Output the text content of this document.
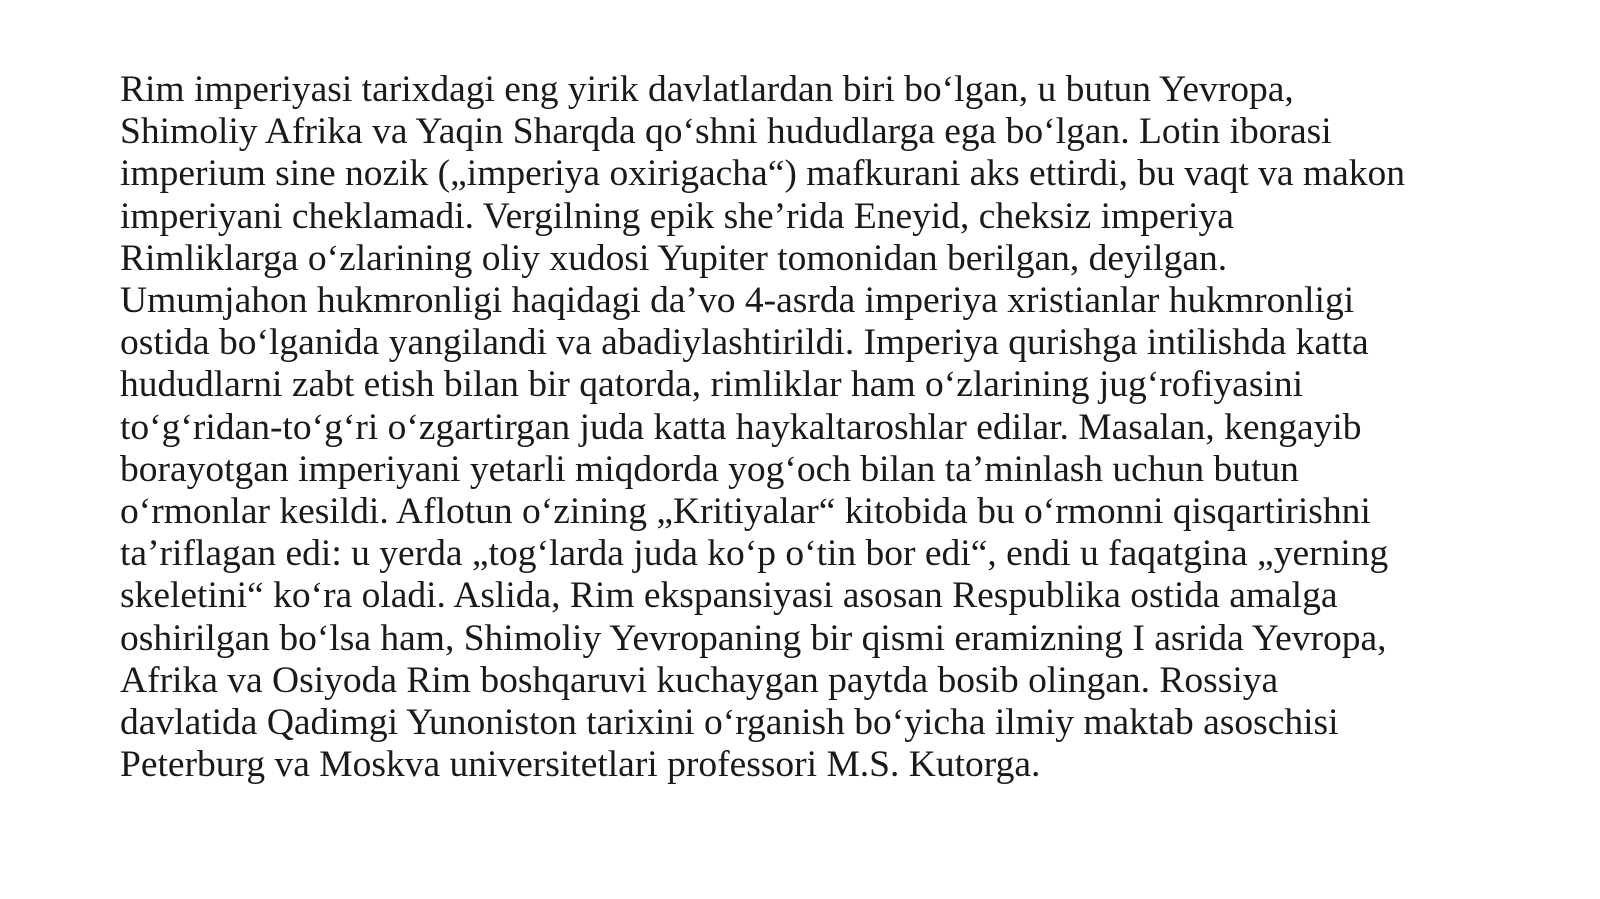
Rim imperiyasi tarixdagi eng yirik davlatlardan biri bo‘lgan, u butun Yevropa,
Shimoliy Afrika va Yaqin Sharqda qo‘shni hududlarga ega bo‘lgan. Lotin iborasi
imperium sine nozik („imperiya oxirigacha“) mafkurani aks ettirdi, bu vaqt va makon
imperiyani cheklamadi. Vergilning epik she’rida Eneyid, cheksiz imperiya
Rimliklarga o‘zlarining oliy xudosi Yupiter tomonidan berilgan, deyilgan.
Umumjahon hukmronligi haqidagi da’vo 4-asrda imperiya xristianlar hukmronligi
ostida bo‘lganida yangilandi va abadiylashtirildi. Imperiya qurishga intilishda katta
hududlarni zabt etish bilan bir qatorda, rimliklar ham o‘zlarining jug‘rofiyasini
to‘g‘ridan-to‘g‘ri o‘zgartirgan juda katta haykaltaroshlar edilar. Masalan, kengayib
borayotgan imperiyani yetarli miqdorda yog‘och bilan ta’minlash uchun butun
o‘rmonlar kesildi. Aflotun o‘zining „Kritiyalar“ kitobida bu o‘rmonni qisqartirishni
ta’riflagan edi: u yerda „tog‘larda juda ko‘p o‘tin bor edi“, endi u faqatgina „yerning
skeletini“ ko‘ra oladi. Aslida, Rim ekspansiyasi asosan Respublika ostida amalga
oshirilgan bo‘lsa ham, Shimoliy Yevropaning bir qismi eramizning I asrida Yevropa,
Afrika va Osiyoda Rim boshqaruvi kuchaygan paytda bosib olingan. Rossiya
davlatida Qadimgi Yunoniston tarixini o‘rganish bo‘yicha ilmiy maktab asoschisi
Peterburg va Moskva universitetlari professori M.S. Kutorga.
